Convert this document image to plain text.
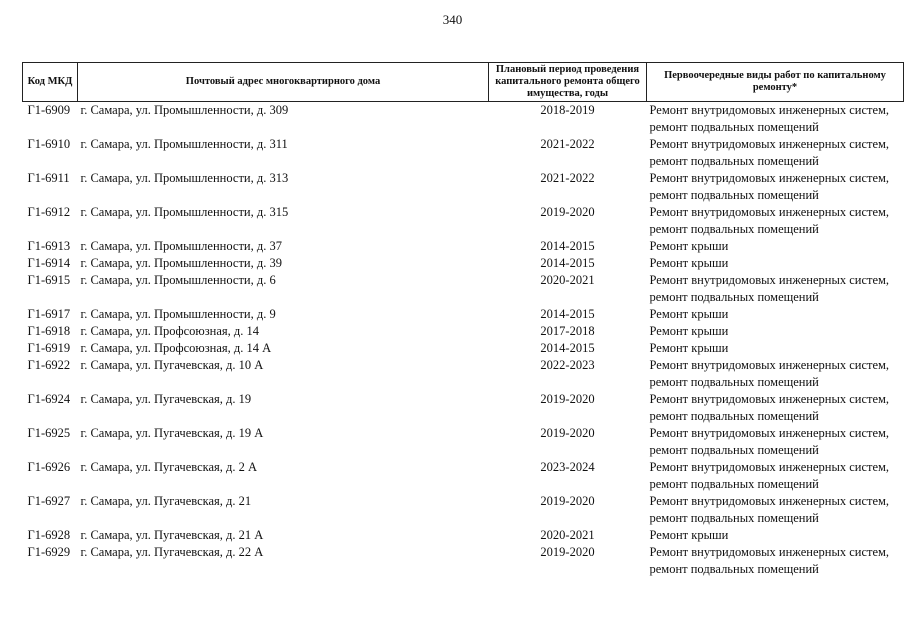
340
Код МКД	Почтовый адрес многоквартирного дома	Плановый период проведения капитального ремонта общего имущества, годы	Первоочередные виды работ по капитальному ремонту*
Г1-6909	г. Самара, ул. Промышленности, д. 309	2018-2019	Ремонт внутридомовых инженерных систем, ремонт подвальных помещений
Г1-6910	г. Самара, ул. Промышленности, д. 311	2021-2022	Ремонт внутридомовых инженерных систем, ремонт подвальных помещений
Г1-6911	г. Самара, ул. Промышленности, д. 313	2021-2022	Ремонт внутридомовых инженерных систем, ремонт подвальных помещений
Г1-6912	г. Самара, ул. Промышленности, д. 315	2019-2020	Ремонт внутридомовых инженерных систем, ремонт подвальных помещений
Г1-6913	г. Самара, ул. Промышленности, д. 37	2014-2015	Ремонт крыши
Г1-6914	г. Самара, ул. Промышленности, д. 39	2014-2015	Ремонт крыши
Г1-6915	г. Самара, ул. Промышленности, д. 6	2020-2021	Ремонт внутридомовых инженерных систем, ремонт подвальных помещений
Г1-6917	г. Самара, ул. Промышленности, д. 9	2014-2015	Ремонт крыши
Г1-6918	г. Самара, ул. Профсоюзная, д. 14	2017-2018	Ремонт крыши
Г1-6919	г. Самара, ул. Профсоюзная, д. 14 А	2014-2015	Ремонт крыши
Г1-6922	г. Самара, ул. Пугачевская, д. 10 А	2022-2023	Ремонт внутридомовых инженерных систем, ремонт подвальных помещений
Г1-6924	г. Самара, ул. Пугачевская, д. 19	2019-2020	Ремонт внутридомовых инженерных систем, ремонт подвальных помещений
Г1-6925	г. Самара, ул. Пугачевская, д. 19 А	2019-2020	Ремонт внутридомовых инженерных систем, ремонт подвальных помещений
Г1-6926	г. Самара, ул. Пугачевская, д. 2 А	2023-2024	Ремонт внутридомовых инженерных систем, ремонт подвальных помещений
Г1-6927	г. Самара, ул. Пугачевская, д. 21	2019-2020	Ремонт внутридомовых инженерных систем, ремонт подвальных помещений
Г1-6928	г. Самара, ул. Пугачевская, д. 21 А	2020-2021	Ремонт крыши
Г1-6929	г. Самара, ул. Пугачевская, д. 22 А	2019-2020	Ремонт внутридомовых инженерных систем, ремонт подвальных помещений
